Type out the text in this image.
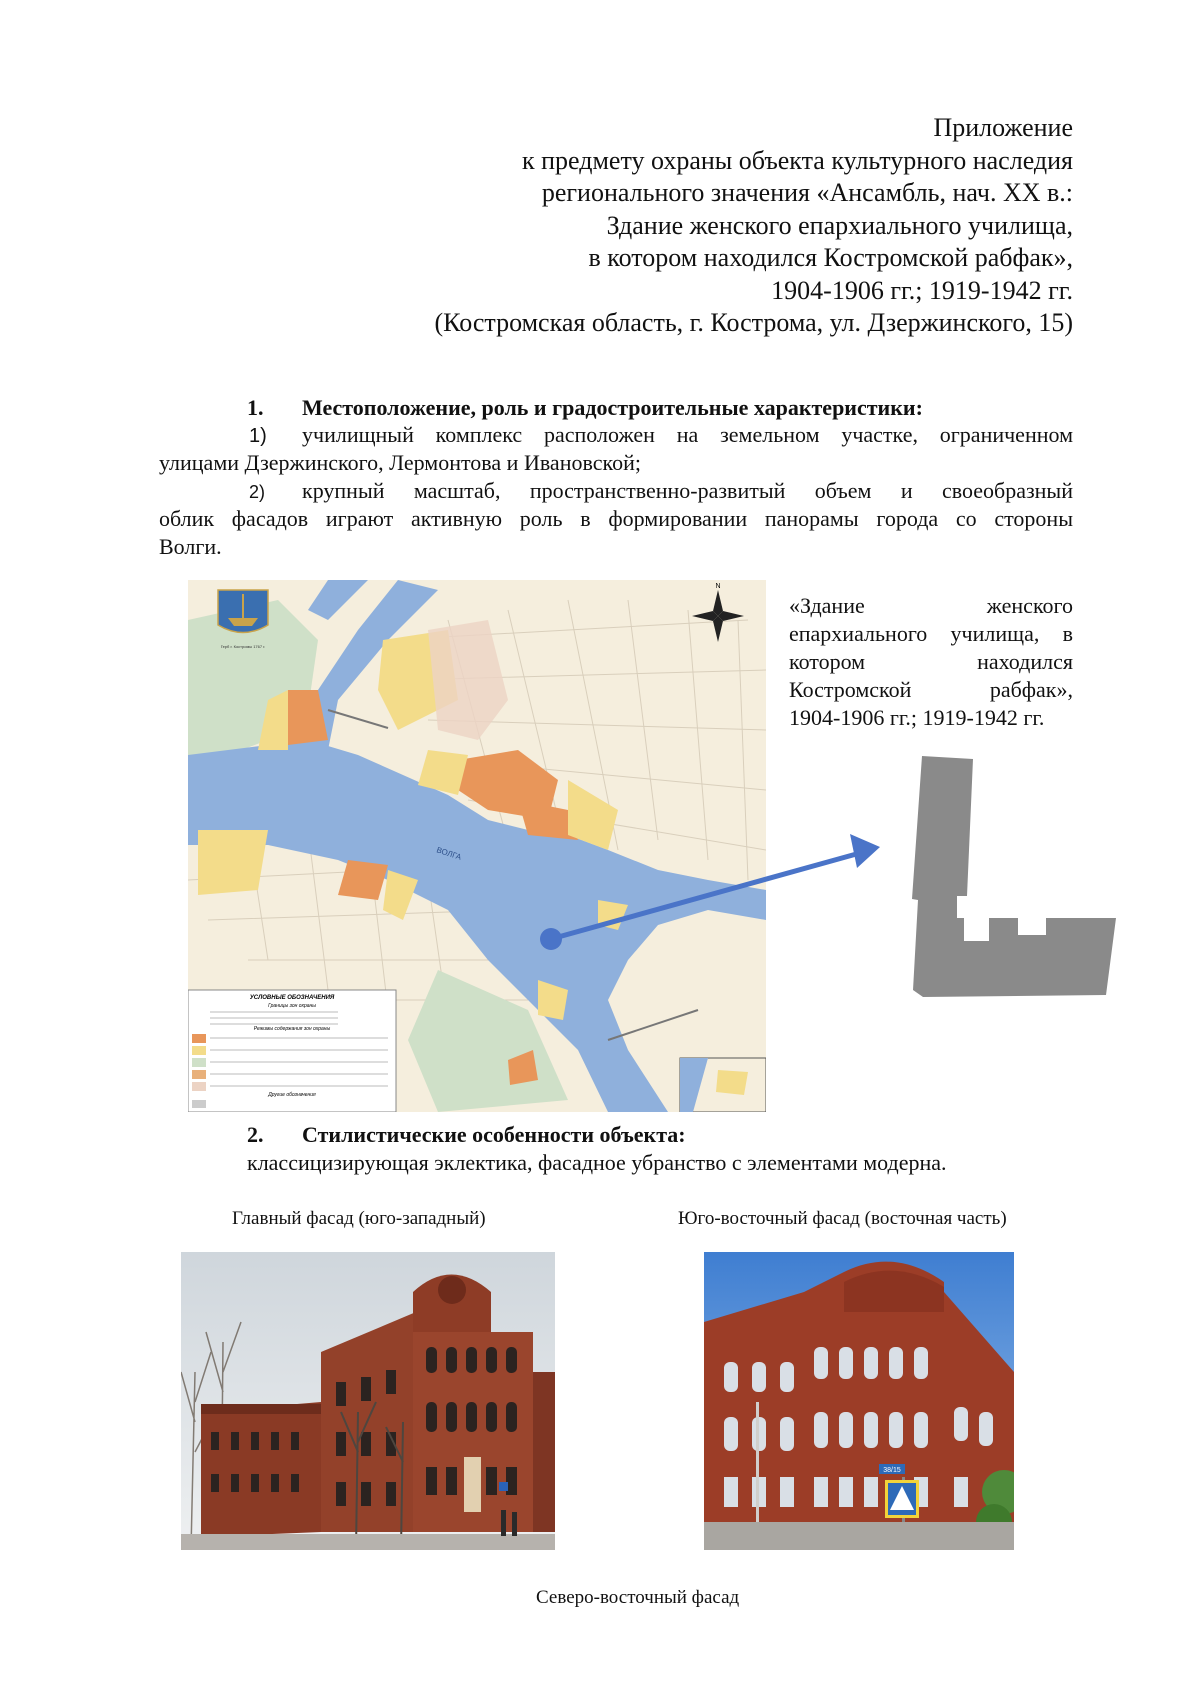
Приложение
к предмету охраны объекта культурного наследия
регионального значения «Ансамбль, нач. XX в.:
Здание женского епархиального училища,
в котором находился Костромской рабфак»,
1904-1906 гг.; 1919-1942 гг.
(Костромская область, г. Кострома, ул. Дзержинского, 15)
1. Местоположение, роль и градостроительные характеристики:
1) училищный комплекс расположен на земельном участке, ограниченном
улицами Дзержинского, Лермонтова и Ивановской;
2) крупный масштаб, пространственно-развитый объем и своеобразный
облик фасадов играют активную роль в формировании панорамы города со стороны
Волги.
ВОЛГА
Герб г. Костромы 1767 г.
N
УСЛОВНЫЕ ОБОЗНАЧЕНИЯ
Границы зон охраны
Режимы содержания зон охраны
Другие обозначения
«Здание	женского
епархиального училища, в
котором	находился
Костромской	рабфак»,
1904-1906 гг.; 1919-1942 гг.
2. Стилистические особенности объекта:
классицизирующая эклектика, фасадное убранство с элементами модерна.
Главный фасад (юго-западный)	Юго-восточный фасад (восточная часть)
38/15
Северо-восточный фасад
